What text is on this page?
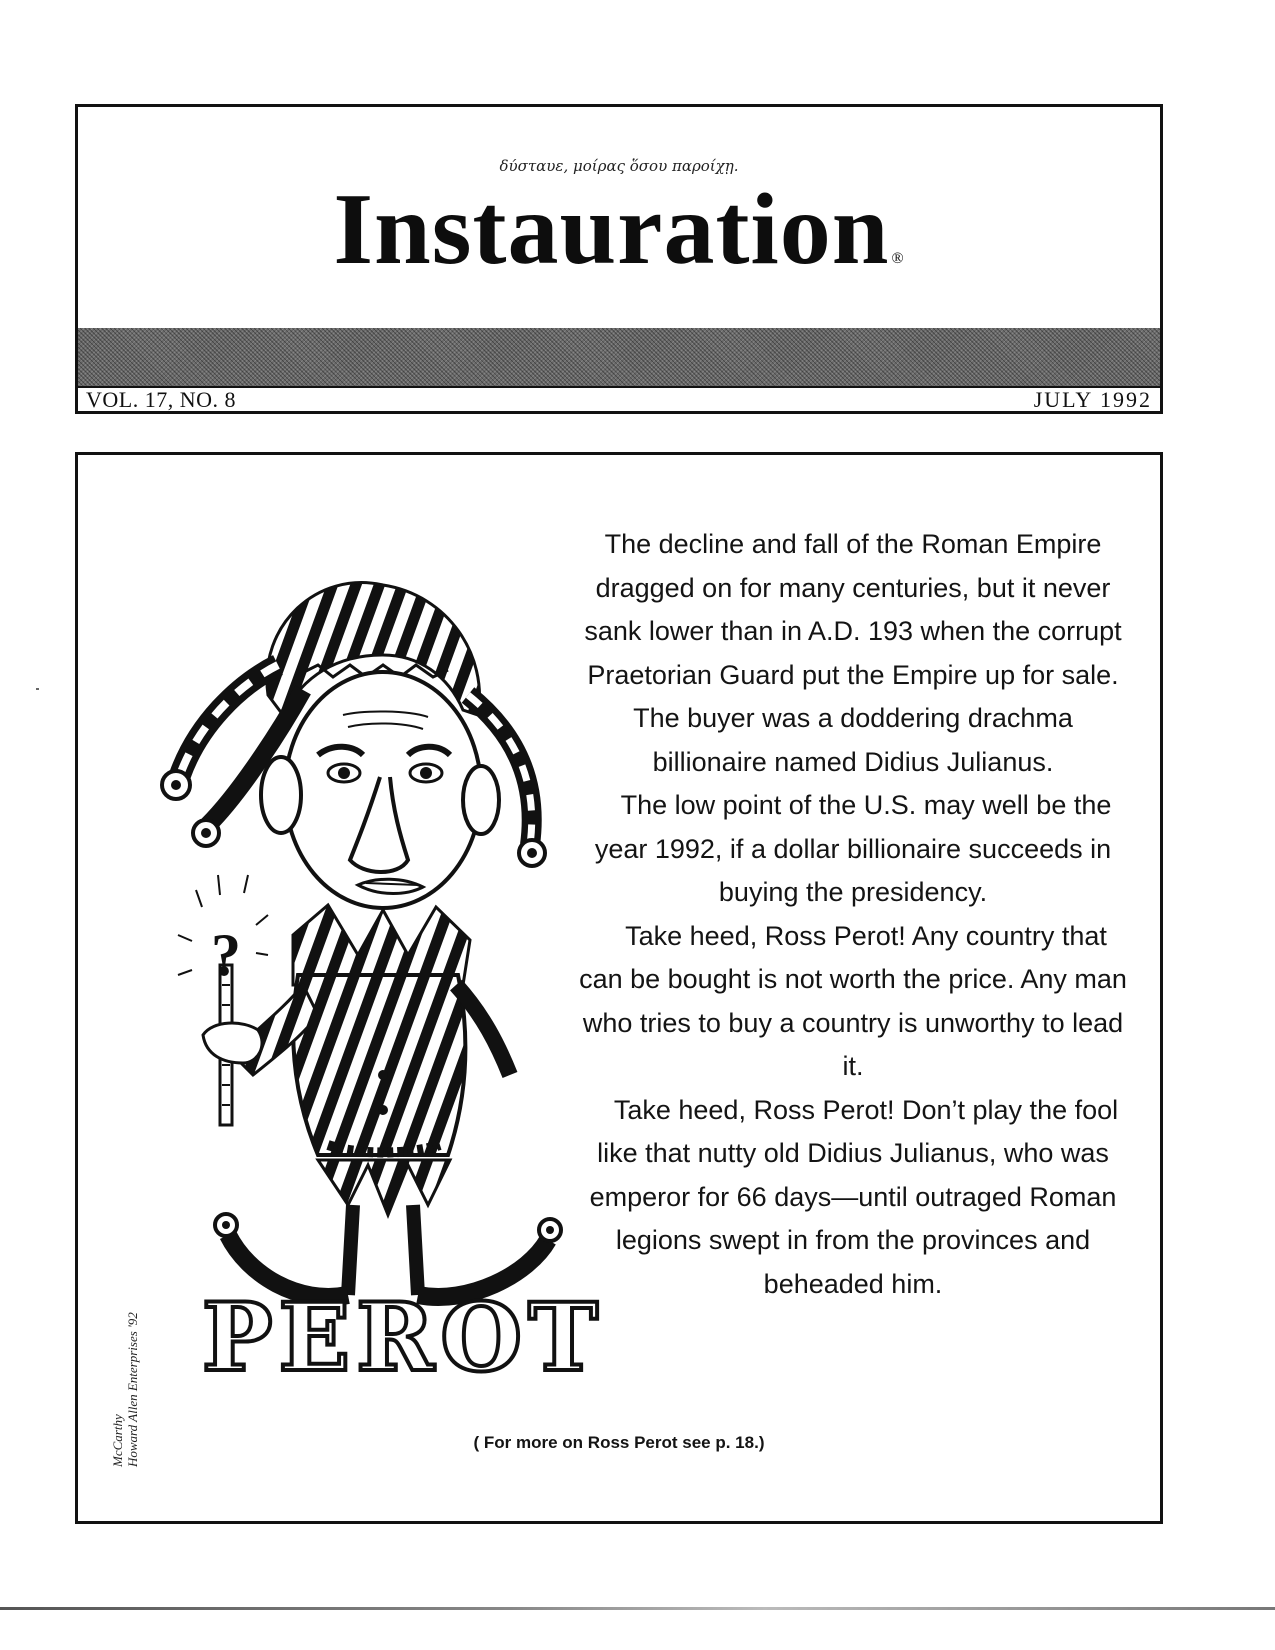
δύσταυε, μοίρας ὅσου παροίχῃ.
Instauration ®
VOL. 17, NO. 8	JULY 1992
?
PEROT
McCarthy Howard Allen Enterprises '92

The decline and fall of the Roman Empire dragged on for many centuries, but it never sank lower than in A.D. 193 when the corrupt Praetorian Guard put the Empire up for sale. The buyer was a doddering drachma billionaire named Didius Julianus.

The low point of the U.S. may well be the year 1992, if a dollar billionaire succeeds in buying the presidency.

Take heed, Ross Perot! Any country that can be bought is not worth the price. Any man who tries to buy a country is unworthy to lead it.

Take heed, Ross Perot! Don’t play the fool like that nutty old Didius Julianus, who was emperor for 66 days—until outraged Roman legions swept in from the provinces and beheaded him.

( For more on Ross Perot see p. 18.)
